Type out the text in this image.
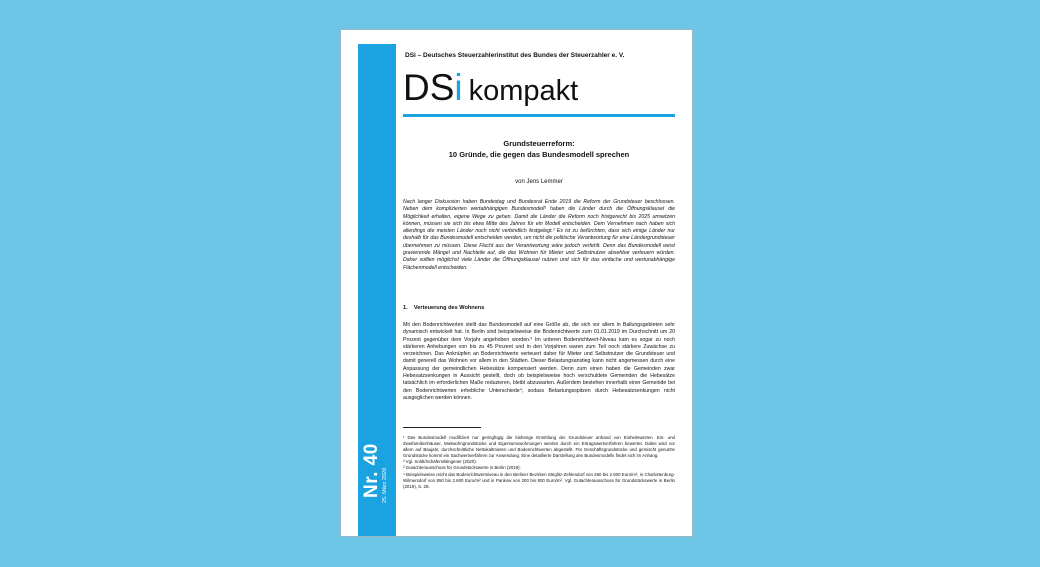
Nr. 40 25. März 2020
DSi – Deutsches Steuerzahlerinstitut des Bundes der Steuerzahler e. V.
DSi kompakt
Grundsteuerreform:
10 Gründe, die gegen das Bundesmodell sprechen
von Jens Lemmer
Nach langer Diskussion haben Bundestag und Bundesrat Ende 2019 die Reform der Grundsteuer beschlossen. Neben dem komplizierten wertabhängigen Bundesmodell¹ haben die Länder durch die Öffnungsklausel die Möglichkeit erhalten, eigene Wege zu gehen. Damit die Länder die Reform noch fristgerecht bis 2025 umsetzen können, müssen sie sich bis etwa Mitte des Jahres für ein Modell entscheiden. Dem Vernehmen nach haben sich allerdings die meisten Länder noch nicht verbindlich festgelegt.² Es ist zu befürchten, dass sich einige Länder nur deshalb für das Bundesmodell entscheiden werden, um nicht die politische Verantwortung für eine Ländergrundsteuer übernehmen zu müssen. Diese Flucht aus der Verantwortung wäre jedoch verfehlt. Denn das Bundesmodell weist gravierende Mängel und Nachteile auf, die das Wohnen für Mieter und Selbstnutzer absehbar verteuern würden. Daher sollten möglichst viele Länder die Öffnungsklausel nutzen und sich für das einfache und wertunabhängige Flächenmodell entscheiden.
1.    Verteuerung des Wohnens
Mit den Bodenrichtwerten stellt das Bundesmodell auf eine Größe ab, die sich vor allem in Ballungsgebieten sehr dynamisch entwickelt hat. In Berlin sind beispielsweise die Bodenrichtwerte zum 01.01.2019 im Durchschnitt um 20 Prozent gegenüber dem Vorjahr angehoben worden.³ Im unteren Bodenrichtwert-Niveau kam es sogar zu noch stärkeren Anhebungen von bis zu 45 Prozent und in den Vorjahren waren zum Teil noch stärkere Zuwächse zu verzeichnen. Das Anknüpfen an Bodenrichtwerte verteuert daher für Mieter und Selbstnutzer die Grundsteuer und damit generell das Wohnen vor allem in den Städten. Dieser Belastungsanstieg kann nicht angemessen durch eine Anpassung der gemeindlichen Hebesätze kompensiert werden. Denn zum einen haben die Gemeinden zwar Hebesatzsenkungen in Aussicht gestellt, doch ob beispielsweise hoch verschuldete Gemeinden die Hebesätze tatsächlich im erforderlichen Maße reduzieren, bleibt abzuwarten. Außerdem bestehen innerhalb einer Gemeinde bei den Bodenrichtwerten erhebliche Unterschiede⁴, sodass Belastungsspitzen durch Hebesatzsenkungen nicht ausgeglichen werden können.
¹ Das Bundesmodell modifiziert nur geringfügig die bisherige Ermittlung der Grundsteuer anhand von Einheitswerten. Ein- und Zweifamilienhäuser, Mietwohngrundstücke und Eigentumswohnungen werden durch ein Ertragswertverfahren bewertet. Dabei wird vor allem auf Baujahr, durchschnittliche Nettokaltmieten und Bodenrichtwerten abgestellt. Für Geschäftsgrundstücke und gemischt genutzte Grundstücke kommt ein Sachwertverfahren zur Anwendung. Eine detaillierte Darstellung des Bundesmodells findet sich im Anhang.
² Vgl. Soldt/Schäfers/Bingener (2020).
³ Gutachterausschuss für Grundstückswerte in Berlin (2019).
⁴ Beispielsweise reicht das Bodenrichtwertniveau in den Berliner Bezirken Steglitz-Zehlendorf von 260 bis 2.600 Euro/m², in Charlottenburg-Wilmersdorf von 850 bis 2.600 Euro/m² und in Pankow von 200 bis 800 Euro/m². Vgl. Gutachterausschuss für Grundstückswerte in Berlin (2019), S. 28.
